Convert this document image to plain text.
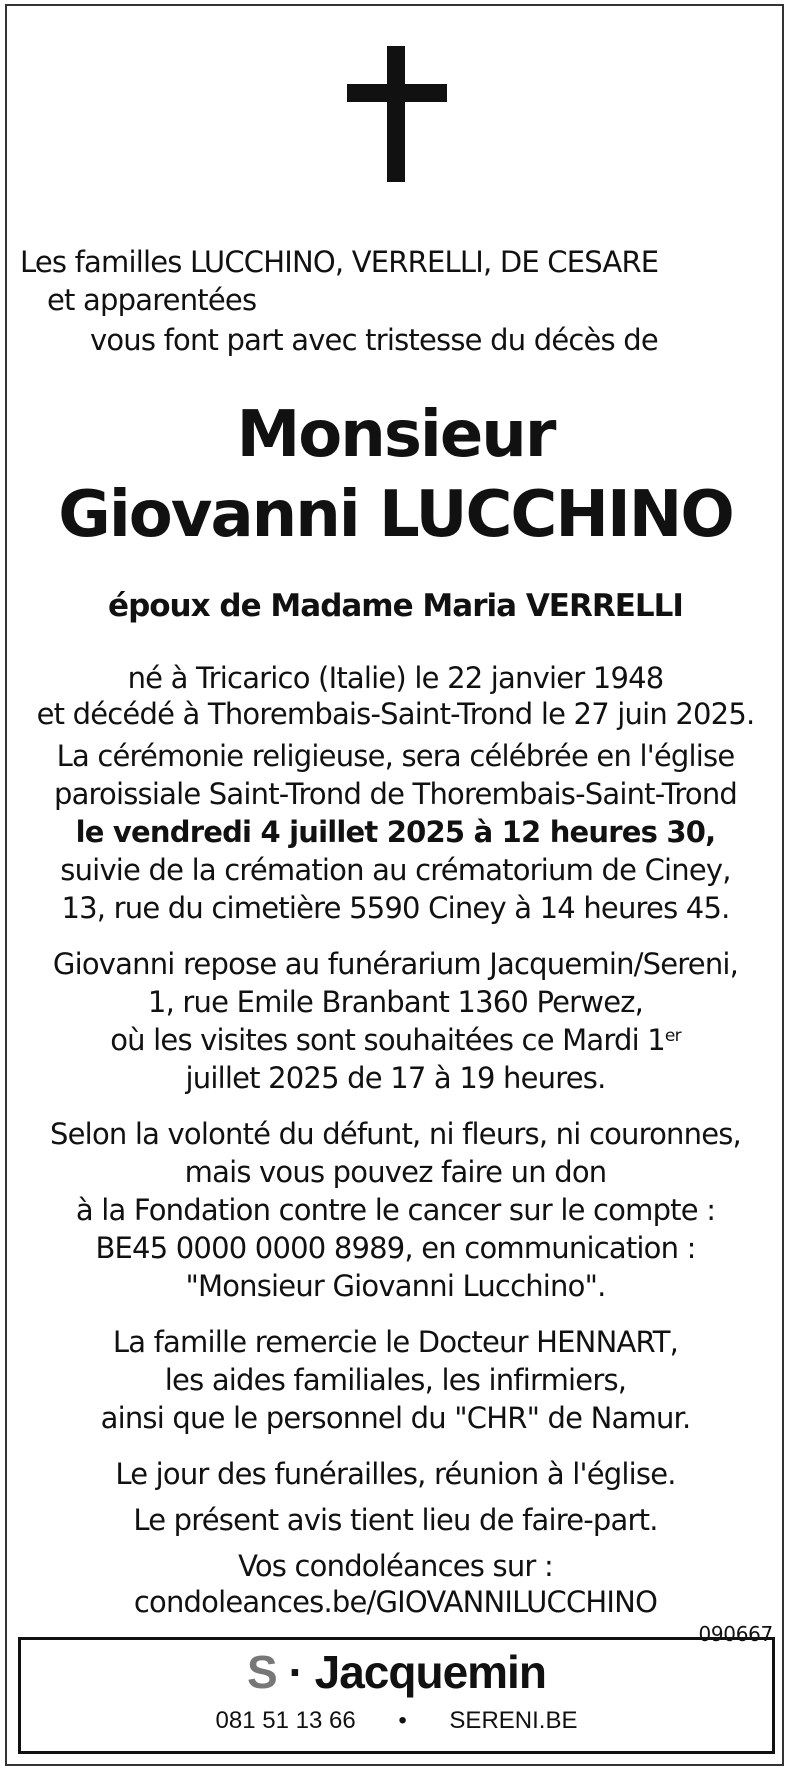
Les familles LUCCHINO, VERRELLI, DE CESARE
et apparentées
vous font part avec tristesse du décès de
Monsieur
Giovanni LUCCHINO
époux de Madame Maria VERRELLI
né à Tricarico (Italie) le 22 janvier 1948
et décédé à Thorembais-Saint-Trond le 27 juin 2025.
La cérémonie religieuse, sera célébrée en l'église
paroissiale Saint-Trond de Thorembais-Saint-Trond
le vendredi 4 juillet 2025 à 12 heures 30,
suivie de la crémation au crématorium de Ciney,
13, rue du cimetière 5590 Ciney à 14 heures 45.
Giovanni repose au funérarium Jacquemin/Sereni,
1, rue Emile Branbant 1360 Perwez,
où les visites sont souhaitées ce Mardi 1er
juillet 2025 de 17 à 19 heures.
Selon la volonté du défunt, ni fleurs, ni couronnes,
mais vous pouvez faire un don
à la Fondation contre le cancer sur le compte :
BE45 0000 0000 8989, en communication :
"Monsieur Giovanni Lucchino".
La famille remercie le Docteur HENNART,
les aides familiales, les infirmiers,
ainsi que le personnel du "CHR" de Namur.
Le jour des funérailles, réunion à l'église.
Le présent avis tient lieu de faire-part.
Vos condoléances sur :
condoleances.be/GIOVANNILUCCHINO
090667
S · Jacquemin
081 51 13 66 • SERENI.BE
